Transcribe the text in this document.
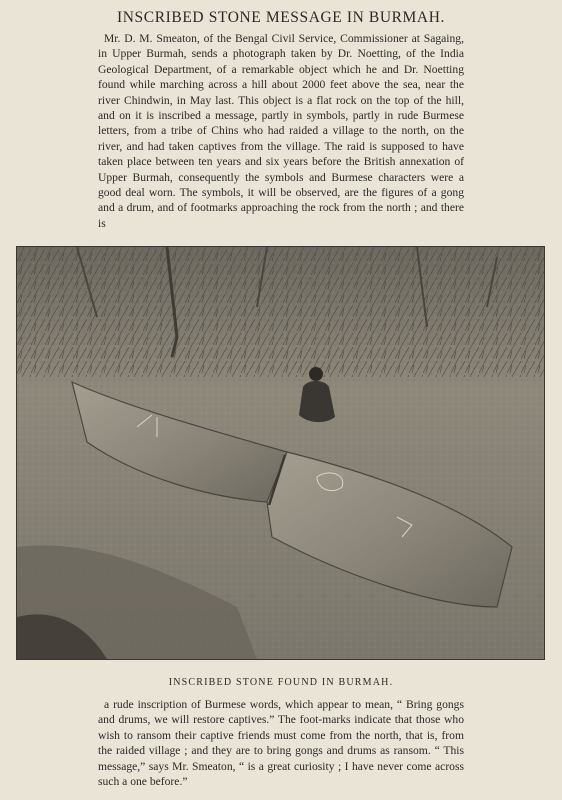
INSCRIBED STONE MESSAGE IN BURMAH.

Mr. D. M. Smeaton, of the Bengal Civil Service, Commissioner at Sagaing, in Upper Burmah, sends a photograph taken by Dr. Noetting, of the India Geological Department, of a remarkable object which he and Dr. Noetting found while marching across a hill about 2000 feet above the sea, near the river Chindwin, in May last. This object is a flat rock on the top of the hill, and on it is inscribed a message, partly in symbols, partly in rude Burmese letters, from a tribe of Chins who had raided a village to the north, on the river, and had taken captives from the village. The raid is supposed to have taken place between ten years and six years before the British annexation of Upper Burmah, consequently the symbols and Burmese characters were a good deal worn. The symbols, it will be observed, are the figures of a gong and a drum, and of footmarks approaching the rock from the north ; and there is

INSCRIBED STONE FOUND IN BURMAH.

a rude inscription of Burmese words, which appear to mean, “ Bring gongs and drums, we will restore captives.” The foot-marks indicate that those who wish to ransom their captive friends must come from the north, that is, from the raided village ; and they are to bring gongs and drums as ransom. “ This message,” says Mr. Smeaton, “ is a great curiosity ; I have never come across such a one before.”
